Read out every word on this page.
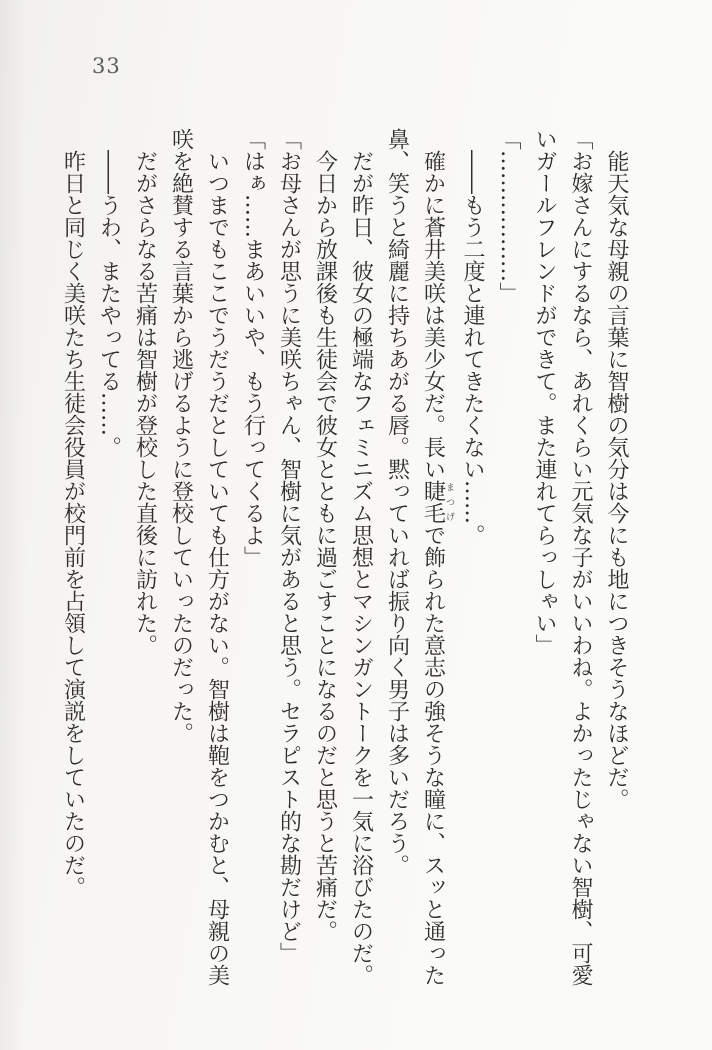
33

能天気な母親の言葉に智樹の気分は今にも地につきそうなほどだ。

「お嫁さんにするなら、あれくらい元気な子がいいわね。よかったじゃない智樹、可愛いガールフレンドができて。また連れてらっしゃい」

「………………」

――もう二度と連れてきたくない……。

確かに蒼井美咲は美少女だ。長い睫毛まつげで飾られた意志の強そうな瞳に、スッと通った鼻、笑うと綺麗に持ちあがる唇。黙っていれば振り向く男子は多いだろう。

だが昨日、彼女の極端なフェミニズム思想とマシンガントークを一気に浴びたのだ。

今日から放課後も生徒会で彼女とともに過ごすことになるのだと思うと苦痛だ。

「お母さんが思うに美咲ちゃん、智樹に気があると思う。セラピスト的な勘だけど」

「はぁ……まあいいや、もう行ってくるよ」

いつまでもここでうだうだとしていても仕方がない。智樹は鞄をつかむと、母親の美咲を絶賛する言葉から逃げるように登校していったのだった。

だがさらなる苦痛は智樹が登校した直後に訪れた。

――うわ、またやってる……。

昨日と同じく美咲たち生徒会役員が校門前を占領して演説をしていたのだ。
